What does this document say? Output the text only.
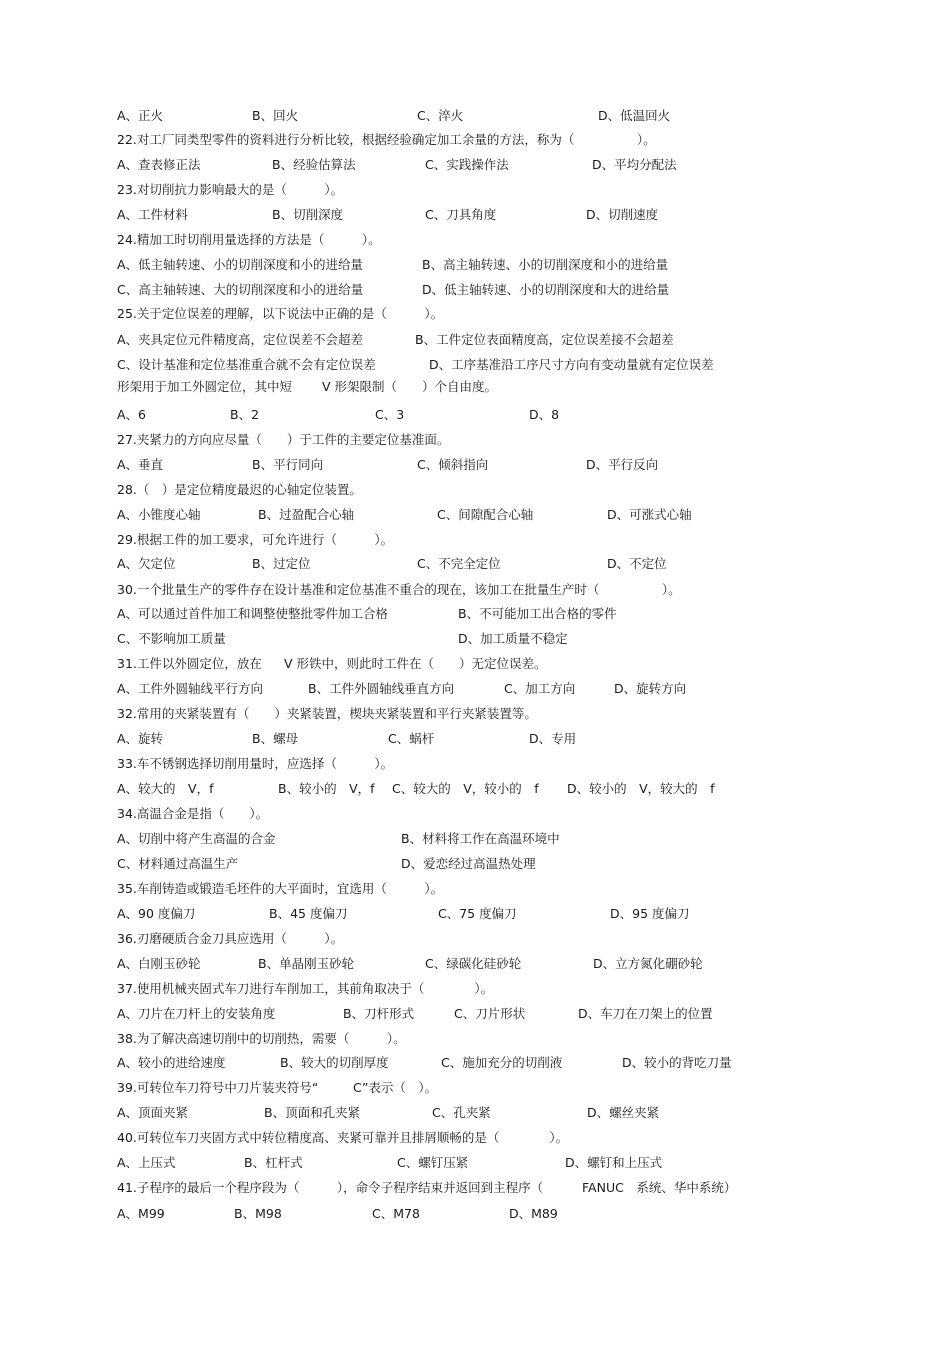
A、正火	B、回火	C、淬火	D、低温回火
22.对工厂同类型零件的资料进行分析比较，根据经验确定加工余量的方法，称为（　　　　　）。
A、查表修正法	B、经验估算法	C、实践操作法	D、平均分配法
23.对切削抗力影响最大的是（　　　）。
A、工件材料	B、切削深度	C、刀具角度	D、切削速度
24.精加工时切削用量选择的方法是（　　　）。
A、低主轴转速、小的切削深度和小的进给量	B、高主轴转速、小的切削深度和小的进给量
C、高主轴转速、大的切削深度和小的进给量	D、低主轴转速、小的切削深度和大的进给量
25.关于定位误差的理解，以下说法中正确的是（　　　）。
A、夹具定位元件精度高，定位误差不会超差	B、工件定位表面精度高，定位误差接不会超差
C、设计基准和定位基准重合就不会有定位误差	D、工序基准沿工序尺寸方向有变动量就有定位误差
形架用于加工外圆定位，其中短 V 形架限制（　　）个自由度。
A、6	B、2	C、3	D、8
27.夹紧力的方向应尽量（　　）于工件的主要定位基准面。
A、垂直	B、平行同向	C、倾斜指向	D、平行反向
28.（　）是定位精度最迟的心轴定位装置。
A、小锥度心轴	B、过盈配合心轴	C、间隙配合心轴	D、可涨式心轴
29.根据工件的加工要求，可允许进行（　　　）。
A、欠定位	B、过定位	C、不完全定位	D、不定位
30.一个批量生产的零件存在设计基准和定位基准不重合的现在，该加工在批量生产时（　　　　　）。
A、可以通过首件加工和调整使整批零件加工合格	B、不可能加工出合格的零件
C、不影响加工质量	D、加工质量不稳定
31.工件以外圆定位，放在 V 形铁中，则此时工件在（　　）无定位误差。
A、工件外圆轴线平行方向	B、工件外圆轴线垂直方向	C、加工方向	D、旋转方向
32.常用的夹紧装置有（　　）夹紧装置，楔块夹紧装置和平行夹紧装置等。
A、旋转	B、螺母	C、蜗杆	D、专用
33.车不锈钢选择切削用量时，应选择（　　　）。
A、较大的　V，f	B、较小的　V，f C、较大的　V，较小的　f D、较小的　V，较大的　f
34.高温合金是指（　　）。
A、切削中将产生高温的合金	B、材料将工作在高温环境中
C、材料通过高温生产	D、爱恋经过高温热处理
35.车削铸造或锻造毛坯件的大平面时，宜选用（　　　）。
A、90 度偏刀	B、45 度偏刀	C、75 度偏刀	D、95 度偏刀
36.刃磨硬质合金刀具应选用（　　　）。
A、白刚玉砂轮	B、单晶刚玉砂轮	C、绿碳化硅砂轮	D、立方氮化硼砂轮
37.使用机械夹固式车刀进行车削加工，其前角取决于（　　　　）。
A、刀片在刀杆上的安装角度	B、刀杆形式	C、刀片形状	D、车刀在刀架上的位置
38.为了解决高速切削中的切削热，需要（　　　）。
A、较小的进给速度	B、较大的切削厚度	C、施加充分的切削液	D、较小的背吃刀量
39.可转位车刀符号中刀片装夹符号“	C”表示（　）。
A、顶面夹紧	B、顶面和孔夹紧	C、孔夹紧	D、螺丝夹紧
40.可转位车刀夹固方式中转位精度高、夹紧可靠并且排屑顺畅的是（　　　　）。
A、上压式	B、杠杆式	C、螺钉压紧	D、螺钉和上压式
41.子程序的最后一个程序段为（　　　），命令子程序结束并返回到主程序（	FANUC　系统、华中系统）
A、M99	B、M98	C、M78	D、M89
